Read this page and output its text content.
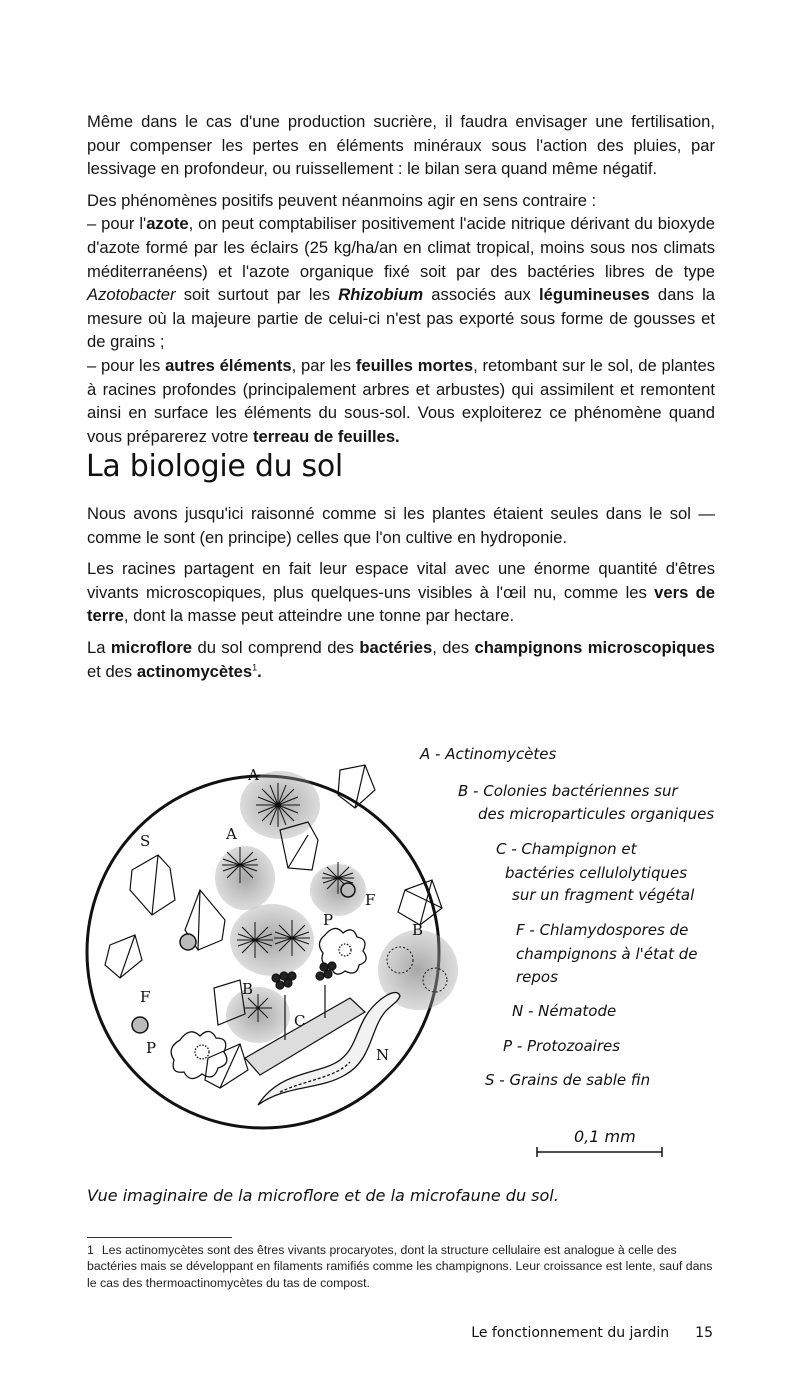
Même dans le cas d'une production sucrière, il faudra envisager une fertilisation, pour compenser les pertes en éléments minéraux sous l'action des pluies, par lessivage en profondeur, ou ruissellement : le bilan sera quand même négatif.

Des phénomènes positifs peuvent néanmoins agir en sens contraire :
– pour l'azote, on peut comptabiliser positivement l'acide nitrique dérivant du bioxyde d'azote formé par les éclairs (25 kg/ha/an en climat tropical, moins sous nos climats méditerranéens) et l'azote organique fixé soit par des bactéries libres de type Azotobacter soit surtout par les Rhizobium associés aux légumineuses dans la mesure où la majeure partie de celui-ci n'est pas exporté sous forme de gousses et de grains ;
– pour les autres éléments, par les feuilles mortes, retombant sur le sol, de plantes à racines profondes (principalement arbres et arbustes) qui assimilent et remontent ainsi en surface les éléments du sous-sol. Vous exploiterez ce phénomène quand vous préparerez votre terreau de feuilles.

La biologie du sol

Nous avons jusqu'ici raisonné comme si les plantes étaient seules dans le sol — comme le sont (en principe) celles que l'on cultive en hydroponie.

Les racines partagent en fait leur espace vital avec une énorme quantité d'êtres vivants microscopiques, plus quelques-uns visibles à l'œil nu, comme les vers de terre, dont la masse peut atteindre une tonne par hectare.

La microflore du sol comprend des bactéries, des champignons microscopiques et des actinomycètes$^1$.

A
A
S
F
P
B
B
C
F
P	N
A - Actinomycètes
B - Colonies bactériennes sur
des microparticules organiques
C - Champignon et
bactéries cellulolytiques
sur un fragment végétal
F - Chlamydospores de
champignons à l'état de
repos
N - Nématode
P - Protozoaires
S - Grains de sable fin
0,1 mm
Vue imaginaire de la microflore et de la microfaune du sol.
1 Les actinomycètes sont des êtres vivants procaryotes, dont la structure cellulaire est analogue à celle des bactéries mais se développant en filaments ramifiés comme les champignons. Leur croissance est lente, sauf dans le cas des thermoactinomycètes du tas de compost.
Le fonctionnement du jardin 15
